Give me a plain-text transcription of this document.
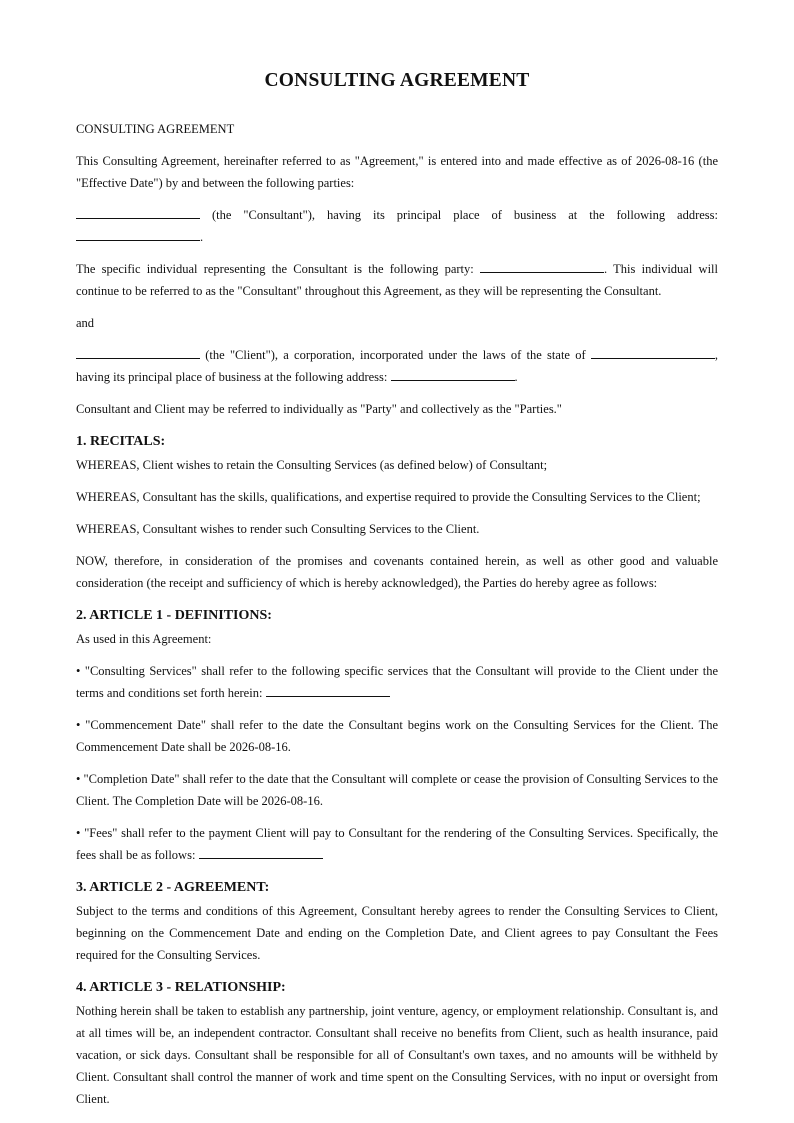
CONSULTING AGREEMENT

CONSULTING AGREEMENT

This Consulting Agreement, hereinafter referred to as "Agreement," is entered into and made effective as of 2026-08-16 (the "Effective Date") by and between the following parties:

(the "Consultant"), having its principal place of business at the following address: .

The specific individual representing the Consultant is the following party:	. This individual will continue to be referred to as the "Consultant" throughout this Agreement, as they will be representing the Consultant.

and

(the "Client"), a corporation, incorporated under the laws of the state of	, having its principal place of business at the following address:	.

Consultant and Client may be referred to individually as "Party" and collectively as the "Parties."

1. RECITALS:

WHEREAS, Client wishes to retain the Consulting Services (as defined below) of Consultant;

WHEREAS, Consultant has the skills, qualifications, and expertise required to provide the Consulting Services to the Client;

WHEREAS, Consultant wishes to render such Consulting Services to the Client.

NOW, therefore, in consideration of the promises and covenants contained herein, as well as other good and valuable consideration (the receipt and sufficiency of which is hereby acknowledged), the Parties do hereby agree as follows:

2. ARTICLE 1 - DEFINITIONS:

As used in this Agreement:

• "Consulting Services" shall refer to the following specific services that the Consultant will provide to the Client under the terms and conditions set forth herein:

• "Commencement Date" shall refer to the date the Consultant begins work on the Consulting Services for the Client. The Commencement Date shall be 2026-08-16.

• "Completion Date" shall refer to the date that the Consultant will complete or cease the provision of Consulting Services to the Client. The Completion Date will be 2026-08-16.

• "Fees" shall refer to the payment Client will pay to Consultant for the rendering of the Consulting Services. Specifically, the fees shall be as follows:

3. ARTICLE 2 - AGREEMENT:

Subject to the terms and conditions of this Agreement, Consultant hereby agrees to render the Consulting Services to Client, beginning on the Commencement Date and ending on the Completion Date, and Client agrees to pay Consultant the Fees required for the Consulting Services.

4. ARTICLE 3 - RELATIONSHIP:

Nothing herein shall be taken to establish any partnership, joint venture, agency, or employment relationship. Consultant is, and at all times will be, an independent contractor. Consultant shall receive no benefits from Client, such as health insurance, paid vacation, or sick days. Consultant shall be responsible for all of Consultant's own taxes, and no amounts will be withheld by Client. Consultant shall control the manner of work and time spent on the Consulting Services, with no input or oversight from Client.
